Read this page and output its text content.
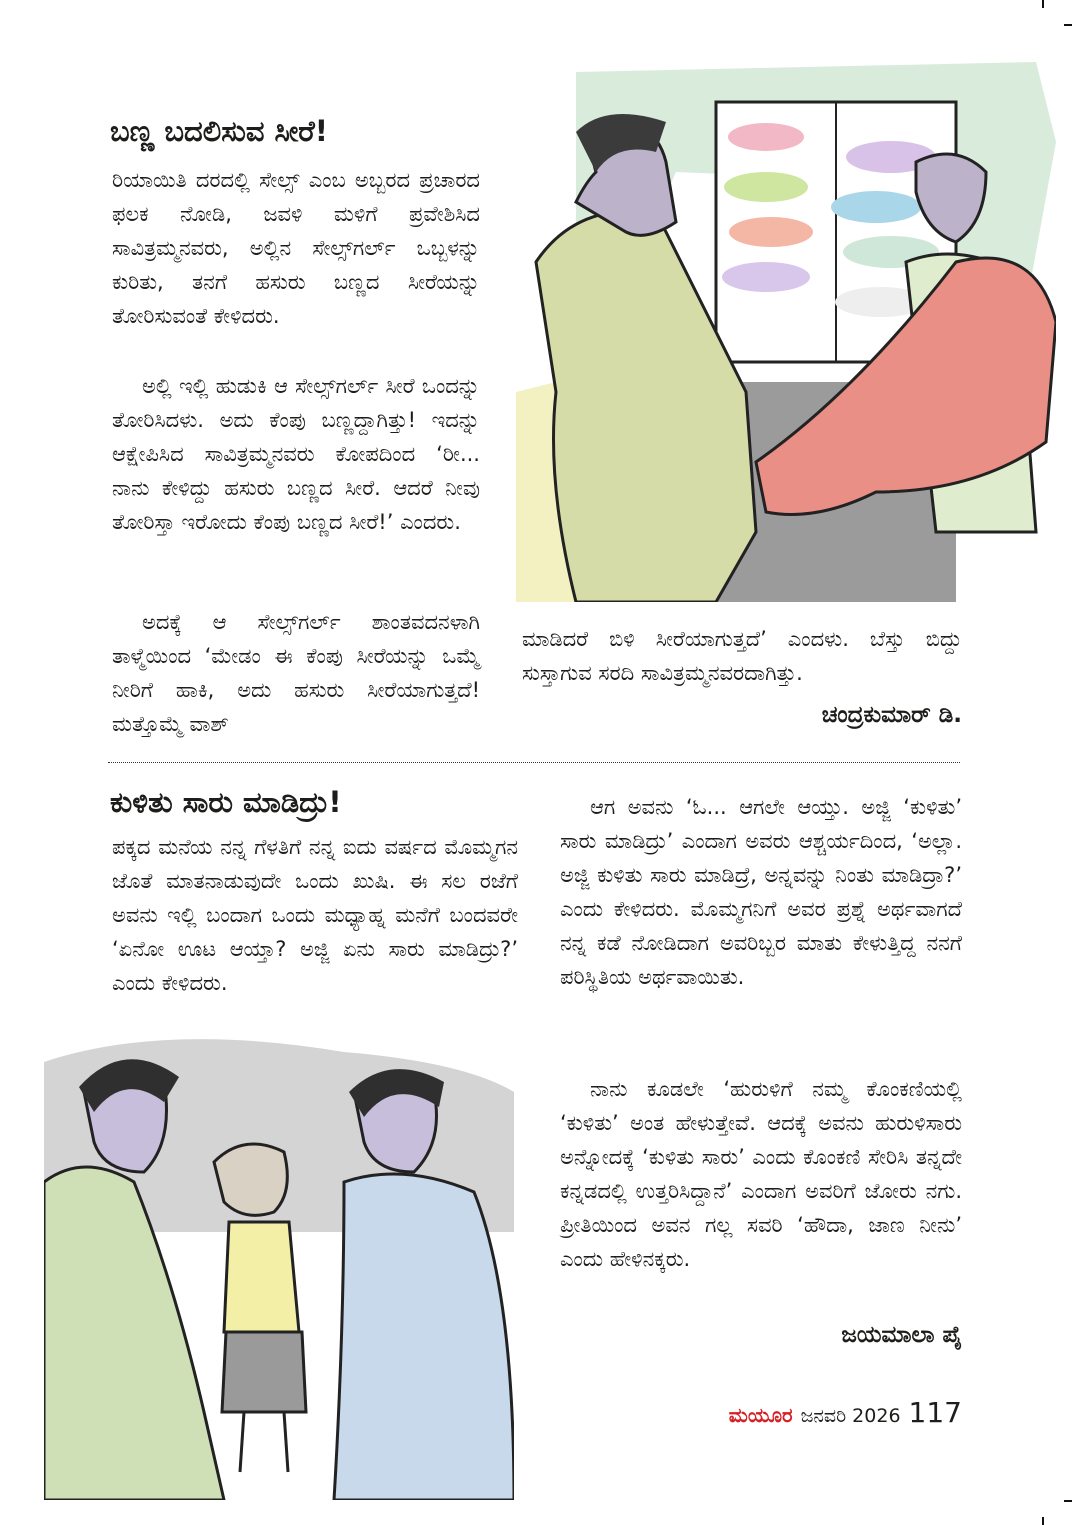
ಬಣ್ಣ ಬದಲಿಸುವ ಸೀರೆ!

ರಿಯಾಯಿತಿ ದರದಲ್ಲಿ ಸೇಲ್ಸ್ ಎಂಬ ಅಬ್ಬರದ ಪ್ರಚಾರದ ಫಲಕ ನೋಡಿ, ಜವಳಿ ಮಳಿಗೆ ಪ್ರವೇಶಿಸಿದ ಸಾವಿತ್ರಮ್ಮನವರು, ಅಲ್ಲಿನ ಸೇಲ್ಸ್‌ಗರ್ಲ್ ಒಬ್ಬಳನ್ನು ಕುರಿತು, ತನಗೆ ಹಸುರು ಬಣ್ಣದ ಸೀರೆಯನ್ನು ತೋರಿಸುವಂತೆ ಕೇಳಿದರು.

ಅಲ್ಲಿ ಇಲ್ಲಿ ಹುಡುಕಿ ಆ ಸೇಲ್ಸ್‌ಗರ್ಲ್ ಸೀರೆ ಒಂದನ್ನು ತೋರಿಸಿದಳು. ಅದು ಕೆಂಪು ಬಣ್ಣದ್ದಾಗಿತ್ತು! ಇದನ್ನು ಆಕ್ಷೇಪಿಸಿದ ಸಾವಿತ್ರಮ್ಮನವರು ಕೋಪದಿಂದ ‘ರೀ... ನಾನು ಕೇಳಿದ್ದು ಹಸುರು ಬಣ್ಣದ ಸೀರೆ. ಆದರೆ ನೀವು ತೋರಿಸ್ತಾ ಇರೋದು ಕೆಂಪು ಬಣ್ಣದ ಸೀರೆ!’ ಎಂದರು.

ಅದಕ್ಕೆ ಆ ಸೇಲ್ಸ್‌ಗರ್ಲ್ ಶಾಂತವದನಳಾಗಿ ತಾಳ್ಮೆಯಿಂದ ‘ಮೇಡಂ ಈ ಕೆಂಪು ಸೀರೆಯನ್ನು ಒಮ್ಮೆ ನೀರಿಗೆ ಹಾಕಿ, ಅದು ಹಸುರು ಸೀರೆಯಾಗುತ್ತದೆ! ಮತ್ತೊಮ್ಮೆ ವಾಶ್

ಮಾಡಿದರೆ ಬಿಳಿ ಸೀರೆಯಾಗುತ್ತದೆ’ ಎಂದಳು. ಬೆಸ್ತು ಬಿದ್ದು ಸುಸ್ತಾಗುವ ಸರದಿ ಸಾವಿತ್ರಮ್ಮನವರದಾಗಿತ್ತು.

ಚಂದ್ರಕುಮಾರ್ ಡಿ.

ಕುಳಿತು ಸಾರು ಮಾಡಿದ್ರು!

ಪಕ್ಕದ ಮನೆಯ ನನ್ನ ಗೆಳತಿಗೆ ನನ್ನ ಐದು ವರ್ಷದ ಮೊಮ್ಮಗನ ಜೊತೆ ಮಾತನಾಡುವುದೇ ಒಂದು ಖುಷಿ. ಈ ಸಲ ರಜೆಗೆ ಅವನು ಇಲ್ಲಿ ಬಂದಾಗ ಒಂದು ಮಧ್ಯಾಹ್ನ ಮನೆಗೆ ಬಂದವರೇ ‘ಏನೋ ಊಟ ಆಯ್ತಾ? ಅಜ್ಜಿ ಏನು ಸಾರು ಮಾಡಿದ್ರು?’ ಎಂದು ಕೇಳಿದರು.

ಆಗ ಅವನು ‘ಓ... ಆಗಲೇ ಆಯ್ತು. ಅಜ್ಜಿ ‘ಕುಳಿತು’ ಸಾರು ಮಾಡಿದ್ರು’ ಎಂದಾಗ ಅವರು ಆಶ್ಚರ್ಯದಿಂದ, ‘ಅಲ್ಲಾ. ಅಜ್ಜಿ ಕುಳಿತು ಸಾರು ಮಾಡಿದ್ರೆ, ಅನ್ನವನ್ನು ನಿಂತು ಮಾಡಿದ್ರಾ?’ ಎಂದು ಕೇಳಿದರು. ಮೊಮ್ಮಗನಿಗೆ ಅವರ ಪ್ರಶ್ನೆ ಅರ್ಥವಾಗದೆ ನನ್ನ ಕಡೆ ನೋಡಿದಾಗ ಅವರಿಬ್ಬರ ಮಾತು ಕೇಳುತ್ತಿದ್ದ ನನಗೆ ಪರಿಸ್ಥಿತಿಯ ಅರ್ಥವಾಯಿತು.

ನಾನು ಕೂಡಲೇ ‘ಹುರುಳಿಗೆ ನಮ್ಮ ಕೊಂಕಣಿಯಲ್ಲಿ ‘ಕುಳಿತು’ ಅಂತ ಹೇಳುತ್ತೇವೆ. ಆದಕ್ಕೆ ಅವನು ಹುರುಳಿಸಾರು ಅನ್ನೋದಕ್ಕೆ ‘ಕುಳಿತು ಸಾರು’ ಎಂದು ಕೊಂಕಣಿ ಸೇರಿಸಿ ತನ್ನದೇ ಕನ್ನಡದಲ್ಲಿ ಉತ್ತರಿಸಿದ್ದಾನೆ’ ಎಂದಾಗ ಅವರಿಗೆ ಜೋರು ನಗು. ಪ್ರೀತಿಯಿಂದ ಅವನ ಗಲ್ಲ ಸವರಿ ‘ಹೌದಾ, ಜಾಣ ನೀನು’ ಎಂದು ಹೇಳಿನಕ್ಕರು.

ಜಯಮಾಲಾ ಪೈ

ಮಯೂರ ಜನವರಿ 2026 117
